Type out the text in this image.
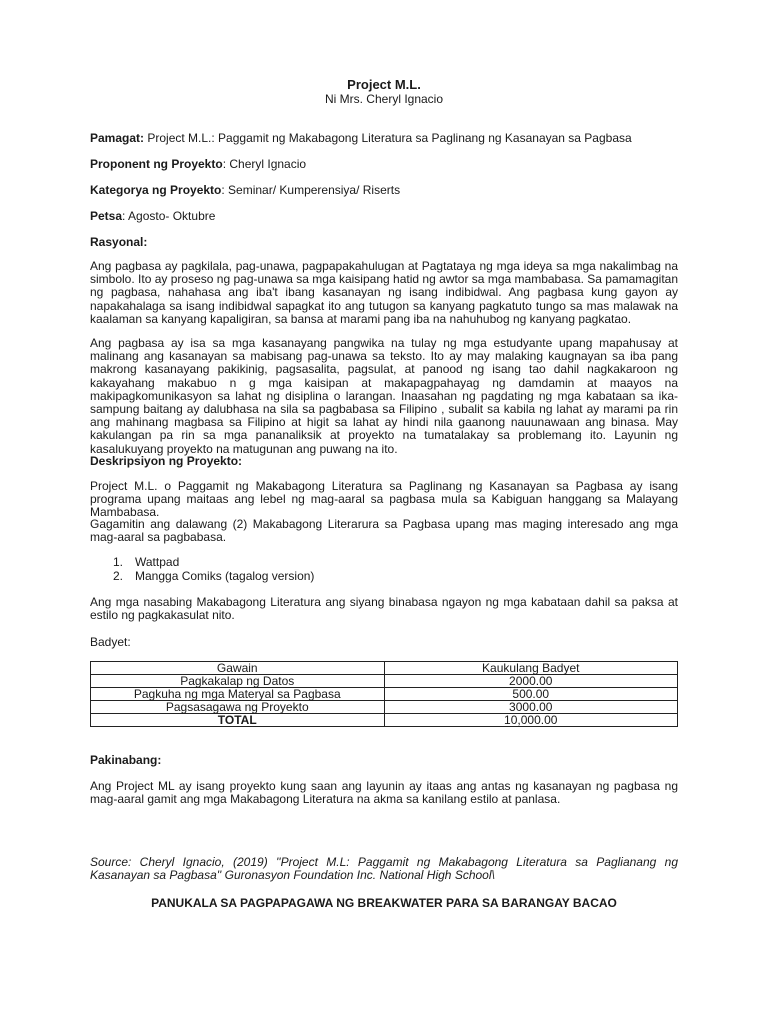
Project M.L.
Ni Mrs. Cheryl Ignacio
Pamagat: Project M.L.: Paggamit ng Makabagong Literatura sa Paglinang ng Kasanayan sa Pagbasa
Proponent ng Proyekto: Cheryl Ignacio
Kategorya ng Proyekto: Seminar/ Kumperensiya/ Riserts
Petsa: Agosto- Oktubre
Rasyonal:

Ang pagbasa ay pagkilala, pag-unawa, pagpapakahulugan at Pagtataya ng mga ideya sa mga nakalimbag na simbolo. Ito ay proseso ng pag-unawa sa mga kaisipang hatid ng awtor sa mga mambabasa. Sa pamamagitan ng pagbasa, nahahasa ang iba't ibang kasanayan ng isang indibidwal. Ang pagbasa kung gayon ay napakahalaga sa isang indibidwal sapagkat ito ang tutugon sa kanyang pagkatuto tungo sa mas malawak na kaalaman sa kanyang kapaligiran, sa bansa at marami pang iba na nahuhubog ng kanyang pagkatao.

Ang pagbasa ay isa sa mga kasanayang pangwika na tulay ng mga estudyante upang mapahusay at malinang ang kasanayan sa mabisang pag-unawa sa teksto. Ito ay may malaking kaugnayan sa iba pang makrong kasanayang pakikinig, pagsasalita, pagsulat, at panood ng isang tao dahil nagkakaroon ng kakayahang makabuo n g mga kaisipan at makapagpahayag ng damdamin at maayos na makipagkomunikasyon sa lahat ng disiplina o larangan. Inaasahan ng pagdating ng mga kabataan sa ika-sampung baitang ay dalubhasa na sila sa pagbabasa sa Filipino , subalit sa kabila ng lahat ay marami pa rin ang mahinang magbasa sa Filipino at higit sa lahat ay hindi nila gaanong nauunawaan ang binasa. May kakulangan pa rin sa mga pananaliksik at proyekto na tumatalakay sa problemang ito. Layunin ng kasalukuyang proyekto na matugunan ang puwang na ito.

Deskripsiyon ng Proyekto:

Project M.L. o Paggamit ng Makabagong Literatura sa Paglinang ng Kasanayan sa Pagbasa ay isang programa upang maitaas ang lebel ng mag-aaral sa pagbasa mula sa Kabiguan hanggang sa Malayang Mambabasa.

Gagamitin ang dalawang (2) Makabagong Literarura sa Pagbasa upang mas maging interesado ang mga mag-aaral sa pagbabasa.

1. Wattpad
2. Mangga Comiks (tagalog version)

Ang mga nasabing Makabagong Literatura ang siyang binabasa ngayon ng mga kabataan dahil sa paksa at estilo ng pagkakasulat nito.

Badyet:
Gawain	Kaukulang Badyet
Pagkakalap ng Datos	2000.00
Pagkuha ng mga Materyal sa Pagbasa	500.00
Pagsasagawa ng Proyekto	3000.00
TOTAL	10,000.00
Pakinabang:

Ang Project ML ay isang proyekto kung saan ang layunin ay itaas ang antas ng kasanayan ng pagbasa ng mag-aaral gamit ang mga Makabagong Literatura na akma sa kanilang estilo at panlasa.

Source: Cheryl Ignacio, (2019) ''Project M.L: Paggamit ng Makabagong Literatura sa Paglianang ng Kasanayan sa Pagbasa'' Guronasyon Foundation Inc. National High School\

PANUKALA SA PAGPAPAGAWA NG BREAKWATER PARA SA BARANGAY BACAO
